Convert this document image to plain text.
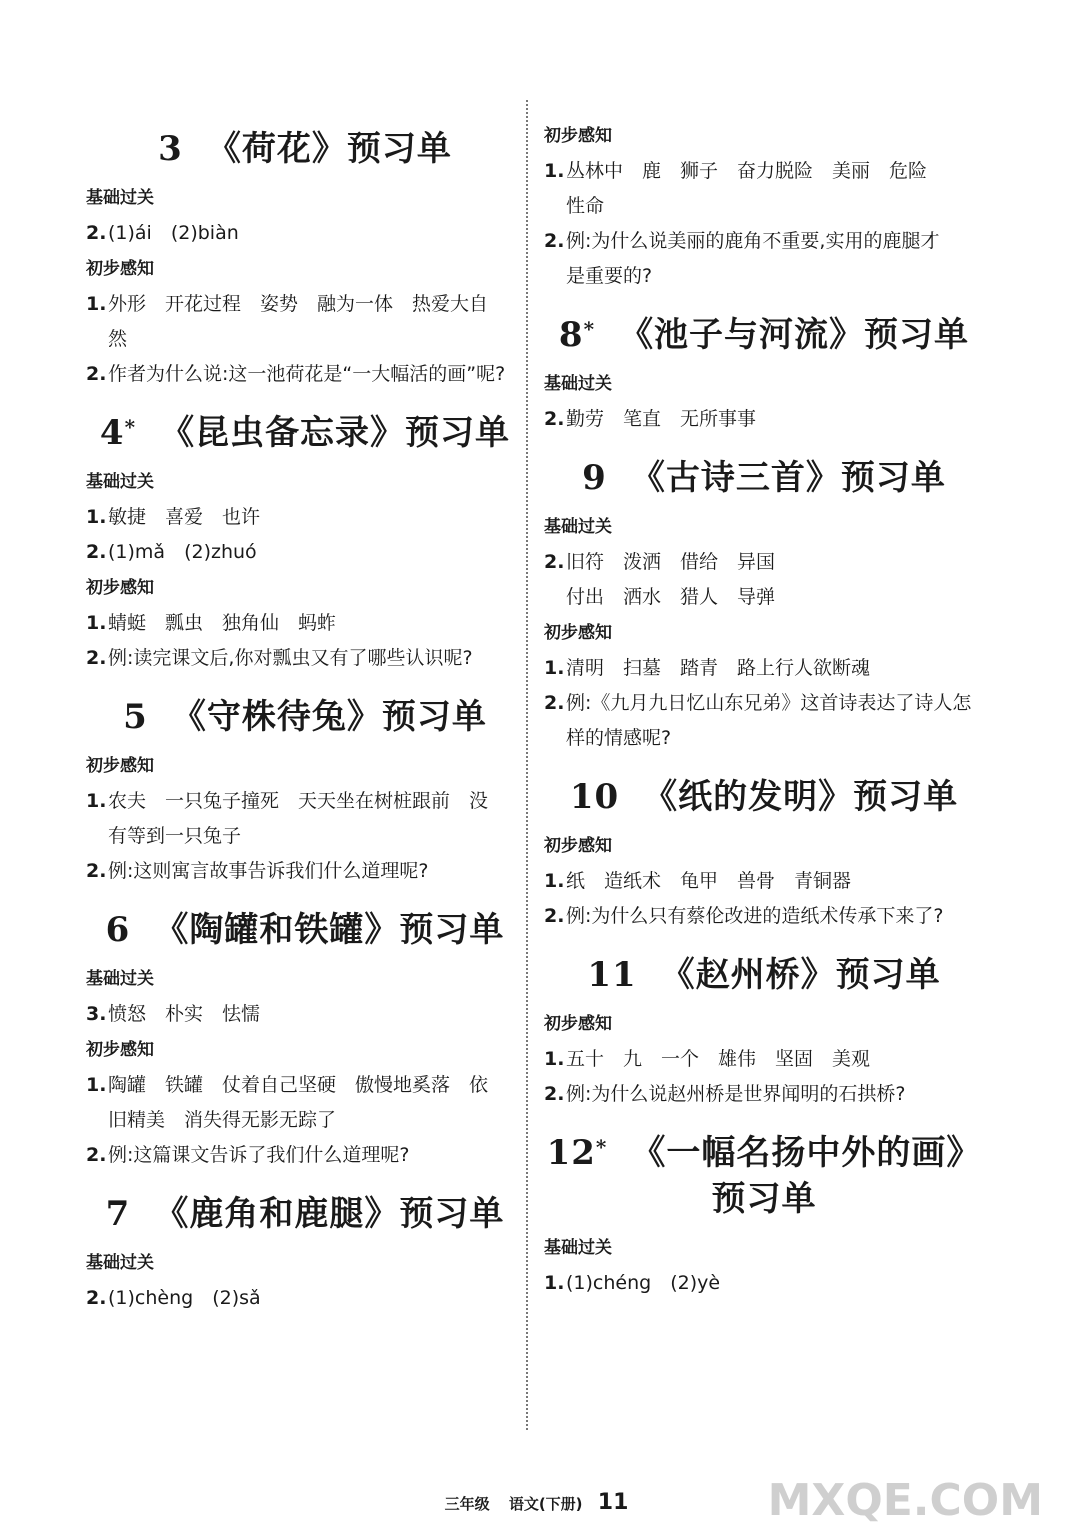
3 《荷花》预习单
基础过关
2. (1)ái　(2)biàn
初步感知
1. 外形　开花过程　姿势　融为一体　热爱大自
然
2. 作者为什么说:这一池荷花是“一大幅活的画”呢?
4* 《昆虫备忘录》预习单
基础过关
1. 敏捷　喜爱　也许
2. (1)mǎ　(2)zhuó
初步感知
1. 蜻蜓　瓢虫　独角仙　蚂蚱
2. 例:读完课文后,你对瓢虫又有了哪些认识呢?
5 《守株待兔》预习单
初步感知
1. 农夫　一只兔子撞死　天天坐在树桩跟前　没
有等到一只兔子
2. 例:这则寓言故事告诉我们什么道理呢?
6 《陶罐和铁罐》预习单
基础过关
3. 愤怒　朴实　怯懦
初步感知
1. 陶罐　铁罐　仗着自己坚硬　傲慢地奚落　依
旧精美　消失得无影无踪了
2. 例:这篇课文告诉了我们什么道理呢?
7 《鹿角和鹿腿》预习单
基础过关
2. (1)chèng　(2)sǎ
初步感知
1. 丛林中　鹿　狮子　奋力脱险　美丽　危险
性命
2. 例:为什么说美丽的鹿角不重要,实用的鹿腿才
是重要的?
8* 《池子与河流》预习单
基础过关
2. 勤劳　笔直　无所事事
9 《古诗三首》预习单
基础过关
2. 旧符　泼洒　借给　异国
付出　洒水　猎人　导弹
初步感知
1. 清明　扫墓　踏青　路上行人欲断魂
2. 例:《九月九日忆山东兄弟》这首诗表达了诗人怎
样的情感呢?
10 《纸的发明》预习单
初步感知
1. 纸　造纸术　龟甲　兽骨　青铜器
2. 例:为什么只有蔡伦改进的造纸术传承下来了?
11 《赵州桥》预习单
初步感知
1. 五十　九　一个　雄伟　坚固　美观
2. 例:为什么说赵州桥是世界闻明的石拱桥?
12* 《一幅名扬中外的画》
预习单
基础过关
1. (1)chéng　(2)yè
三年级 语文(下册) 11	MXQE.COM
